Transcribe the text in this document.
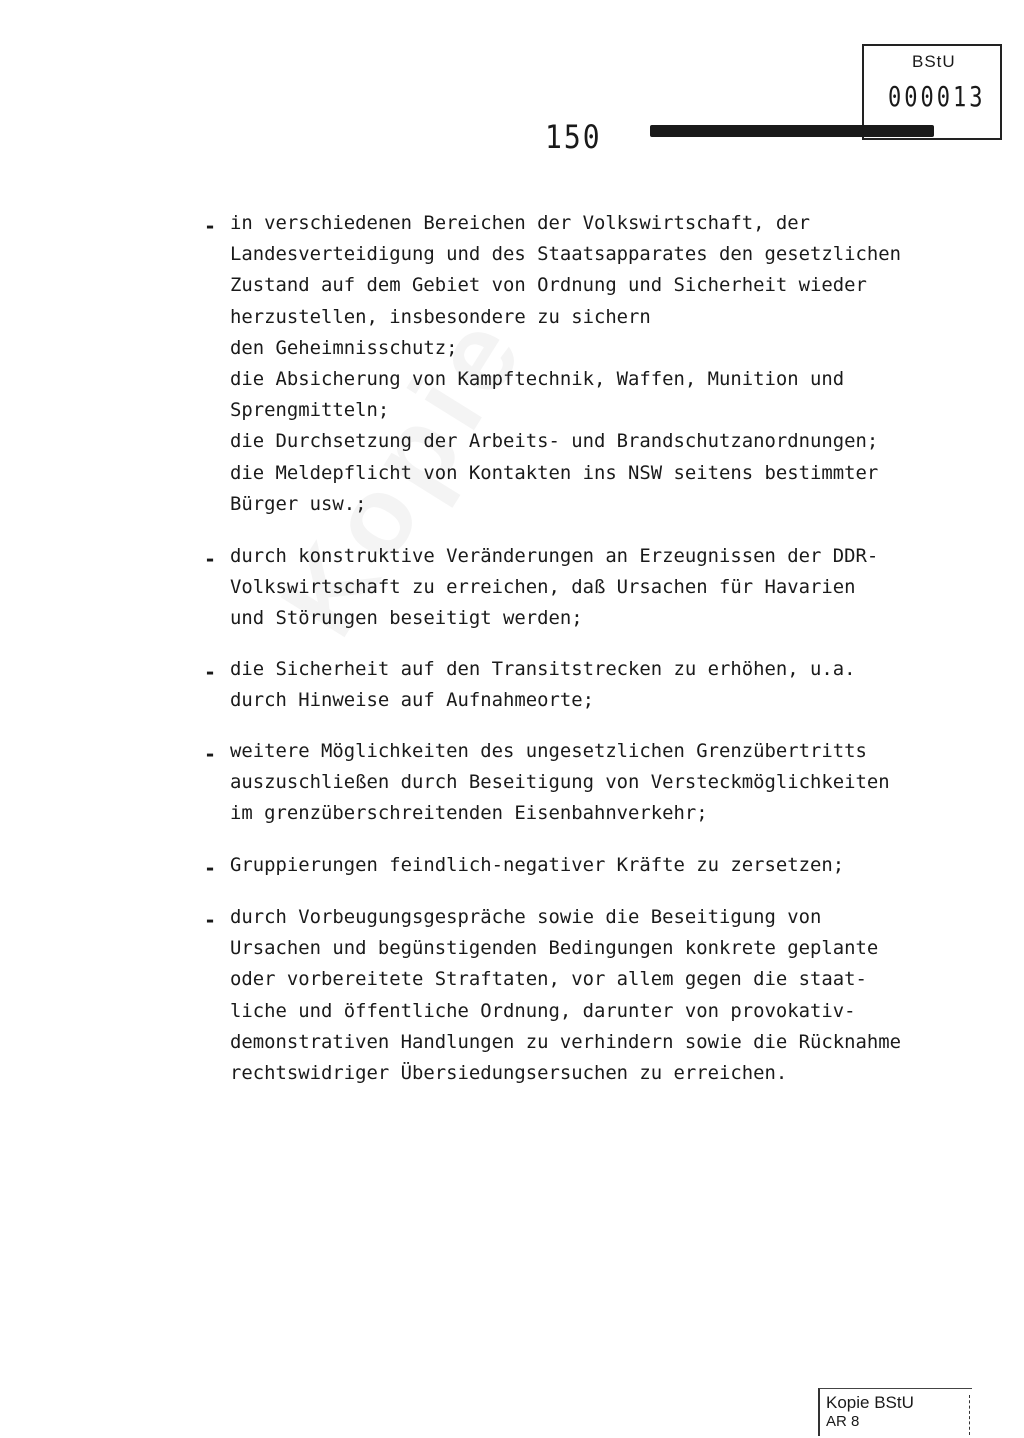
BStU
000013
150
- in verschiedenen Bereichen der Volkswirtschaft, der
Landesverteidigung und des Staatsapparates den gesetzlichen
Zustand auf dem Gebiet von Ordnung und Sicherheit wieder
herzustellen, insbesondere zu sichern
den Geheimnisschutz;
die Absicherung von Kampftechnik, Waffen, Munition und
Sprengmitteln;
die Durchsetzung der Arbeits- und Brandschutzanordnungen;
die Meldepflicht von Kontakten ins NSW seitens bestimmter
Bürger usw.;
- durch konstruktive Veränderungen an Erzeugnissen der DDR-
Volkswirtschaft zu erreichen, daß Ursachen für Havarien
und Störungen beseitigt werden;
- die Sicherheit auf den Transitstrecken zu erhöhen, u.a.
durch Hinweise auf Aufnahmeorte;
- weitere Möglichkeiten des ungesetzlichen Grenzübertritts
auszuschließen durch Beseitigung von Versteckmöglichkeiten
im grenzüberschreitenden Eisenbahnverkehr;
- Gruppierungen feindlich-negativer Kräfte zu zersetzen;
- durch Vorbeugungsgespräche sowie die Beseitigung von
Ursachen und begünstigenden Bedingungen konkrete geplante
oder vorbereitete Straftaten, vor allem gegen die staat-
liche und öffentliche Ordnung, darunter von provokativ-
demonstrativen Handlungen zu verhindern sowie die Rücknahme
rechtswidriger Übersiedungsersuchen zu erreichen.
Kopie BStU
AR 8
